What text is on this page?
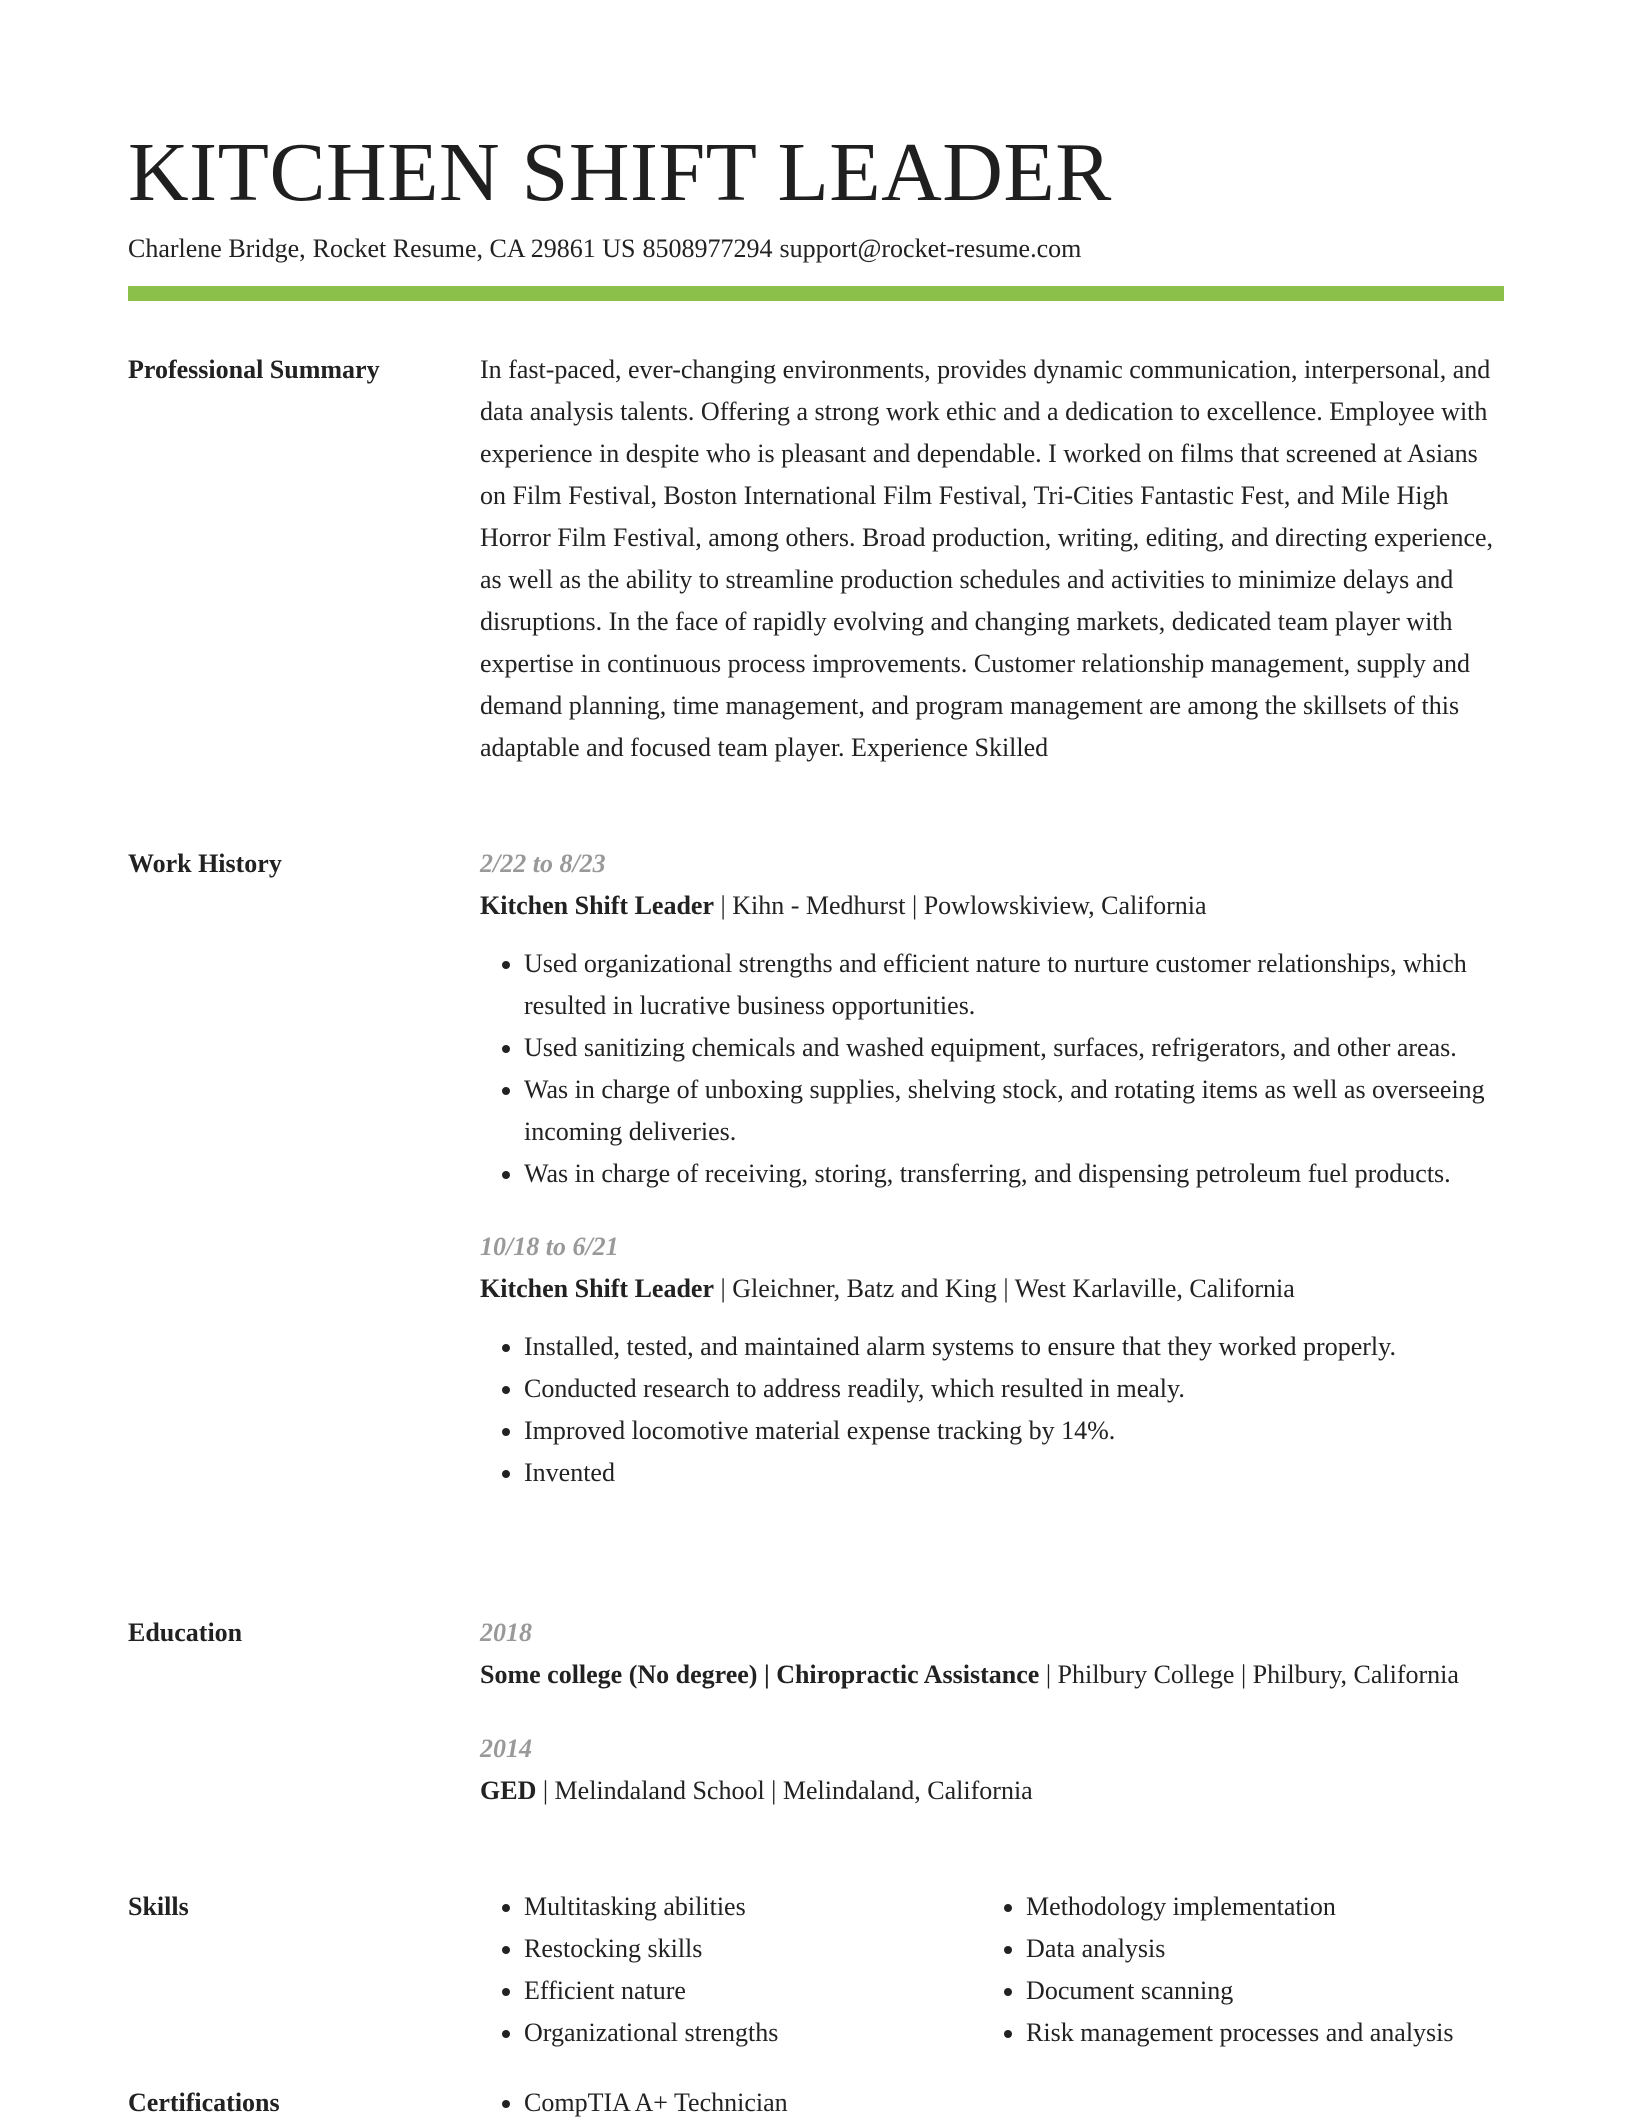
KITCHEN SHIFT LEADER
Charlene Bridge, Rocket Resume, CA 29861 US 8508977294 support@rocket-resume.com
Professional Summary	In fast-paced, ever-changing environments, provides dynamic communication, interpersonal, and data analysis talents. Offering a strong work ethic and a dedication to excellence. Employee with experience in despite who is pleasant and dependable. I worked on films that screened at Asians on Film Festival, Boston International Film Festival, Tri-Cities Fantastic Fest, and Mile High Horror Film Festival, among others. Broad production, writing, editing, and directing experience, as well as the ability to streamline production schedules and activities to minimize delays and disruptions. In the face of rapidly evolving and changing markets, dedicated team player with expertise in continuous process improvements. Customer relationship management, supply and demand planning, time management, and program management are among the skillsets of this adaptable and focused team player. Experience Skilled

Work History	2/22 to 8/23
Kitchen Shift Leader | Kihn - Medhurst | Powlowskiview, California
• Used organizational strengths and efficient nature to nurture customer relationships, which resulted in lucrative business opportunities.
• Used sanitizing chemicals and washed equipment, surfaces, refrigerators, and other areas.
• Was in charge of unboxing supplies, shelving stock, and rotating items as well as overseeing incoming deliveries.
• Was in charge of receiving, storing, transferring, and dispensing petroleum fuel products.
10/18 to 6/21
Kitchen Shift Leader | Gleichner, Batz and King | West Karlaville, California
• Installed, tested, and maintained alarm systems to ensure that they worked properly.
• Conducted research to address readily, which resulted in mealy.
• Improved locomotive material expense tracking by 14%.
• Invented
Education	2018
Some college (No degree) | Chiropractic Assistance | Philbury College | Philbury, California
2014
GED | Melindaland School | Melindaland, California
Skills	• Multitasking abilities
• Restocking skills
• Efficient nature
• Organizational strengths
• Methodology implementation
• Data analysis
• Document scanning
• Risk management processes and analysis
Certifications	• CompTIA A+ Technician
